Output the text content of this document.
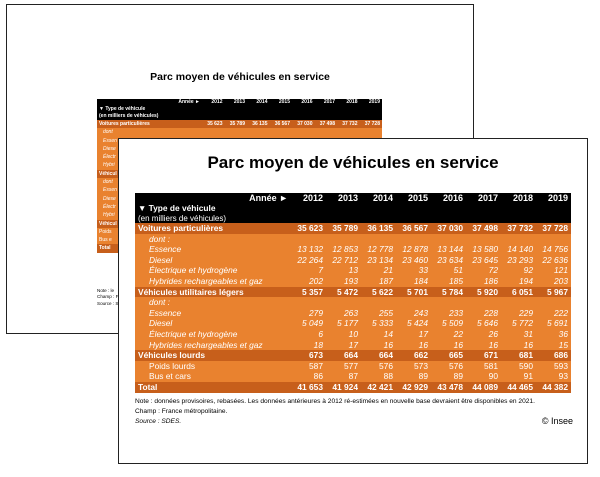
Parc moyen de véhicules en service
Année ►	2012	2013	2014	2015	2016	2017	2018	2019
▼ Type de véhicule								
(en milliers de véhicules)								
Voitures particulières	35 623	35 789	36 135	36 567	37 030	37 498	37 732	37 728
dont								
Essen								
Diese								
Électr								
Hybri								
Véhicul								
dont								
Essen								
Diese								
Électr								
Hybri								
Véhicul								
Poids								
Bus e								
Total								
Note : le
Champ : F
Source : S
Parc moyen de véhicules en service
Année ►	2012	2013	2014	2015	2016	2017	2018	2019
▼ Type de véhicule								
(en milliers de véhicules)								
Voitures particulières	35 623	35 789	36 135	36 567	37 030	37 498	37 732	37 728
dont :								
Essence	13 132	12 853	12 778	12 878	13 144	13 580	14 140	14 756
Diesel	22 264	22 712	23 134	23 460	23 634	23 645	23 293	22 636
Électrique et hydrogène	7	13	21	33	51	72	92	121
Hybrides rechargeables et gaz	202	193	187	184	185	186	194	203
Véhicules utilitaires légers	5 357	5 472	5 622	5 701	5 784	5 920	6 051	5 967
dont :								
Essence	279	263	255	243	233	228	229	222
Diesel	5 049	5 177	5 333	5 424	5 509	5 646	5 772	5 691
Électrique et hydrogène	6	10	14	17	22	26	31	36
Hybrides rechargeables et gaz	18	17	16	16	16	16	16	15
Véhicules lourds	673	664	664	662	665	671	681	686
Poids lourds	587	577	576	573	576	581	590	593
Bus et cars	86	87	88	89	89	90	91	93
Total	41 653	41 924	42 421	42 929	43 478	44 089	44 465	44 382
Note : données provisoires, rebasées. Les données antérieures à 2012 ré-estimées en nouvelle base devraient être disponibles en 2021.
Champ : France métropolitaine.
Source : SDES.	© Insee
